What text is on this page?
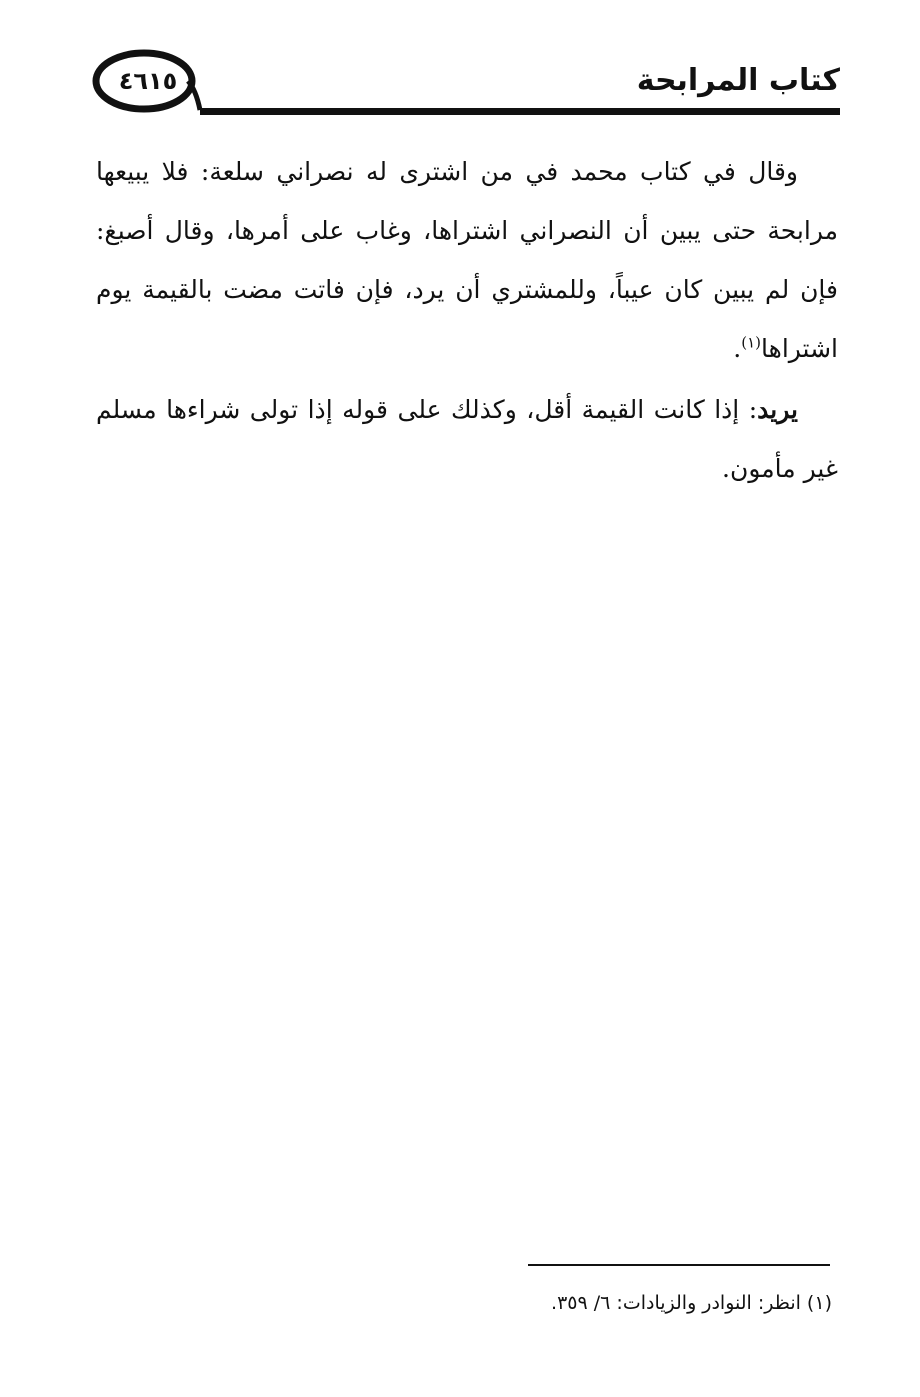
٤٦١٥	كتاب المرابحة

وقال في كتاب محمد في من اشترى له نصراني سلعة: فلا يبيعها مرابحة حتى يبين أن النصراني اشتراها، وغاب على أمرها، وقال أصبغ: فإن لم يبين كان عيباً، وللمشتري أن يرد، فإن فاتت مضت بالقيمة يوم اشتراها$^{(١)}$.

يريد: إذا كانت القيمة أقل، وكذلك على قوله إذا تولى شراءها مسلم غير مأمون.

(١) انظر: النوادر والزيادات: ٦/ ٣٥٩.
